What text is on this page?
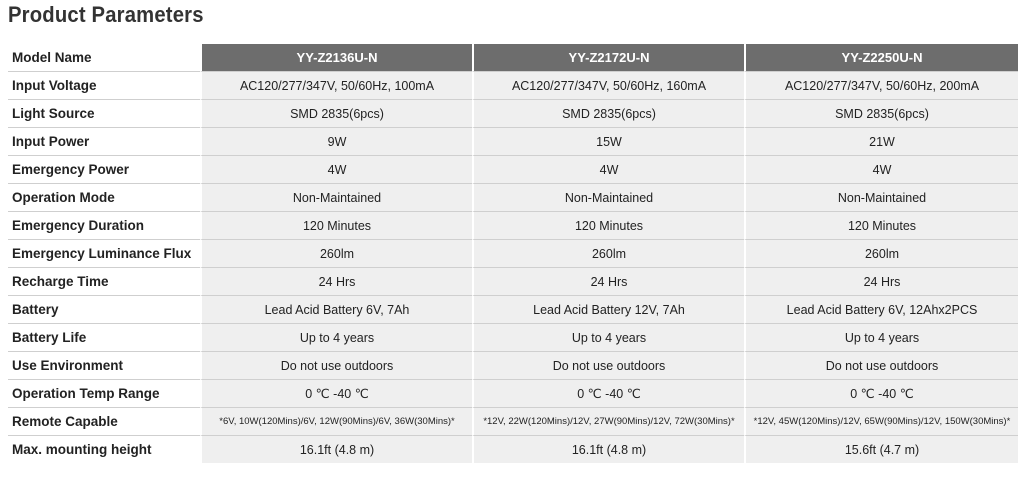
Product Parameters
Model Name	YY-Z2136U-N	YY-Z2172U-N	YY-Z2250U-N
Input Voltage	AC120/277/347V, 50/60Hz, 100mA	AC120/277/347V, 50/60Hz, 160mA	AC120/277/347V, 50/60Hz, 200mA
Light Source	SMD 2835(6pcs)	SMD 2835(6pcs)	SMD 2835(6pcs)
Input Power	9W	15W	21W
Emergency Power	4W	4W	4W
Operation Mode	Non-Maintained	Non-Maintained	Non-Maintained
Emergency Duration	120 Minutes	120 Minutes	120 Minutes
Emergency Luminance Flux	260lm	260lm	260lm
Recharge Time	24 Hrs	24 Hrs	24 Hrs
Battery	Lead Acid Battery 6V, 7Ah	Lead Acid Battery 12V, 7Ah	Lead Acid Battery 6V, 12Ahx2PCS
Battery Life	Up to 4 years	Up to 4 years	Up to 4 years
Use Environment	Do not use outdoors	Do not use outdoors	Do not use outdoors
Operation Temp Range	0 ℃ -40 ℃	0 ℃ -40 ℃	0 ℃ -40 ℃
Remote Capable	*6V, 10W(120Mins)/6V, 12W(90Mins)/6V, 36W(30Mins)*	*12V, 22W(120Mins)/12V, 27W(90Mins)/12V, 72W(30Mins)*	*12V, 45W(120Mins)/12V, 65W(90Mins)/12V, 150W(30Mins)*
Max. mounting height	16.1ft (4.8 m)	16.1ft (4.8 m)	15.6ft (4.7 m)
